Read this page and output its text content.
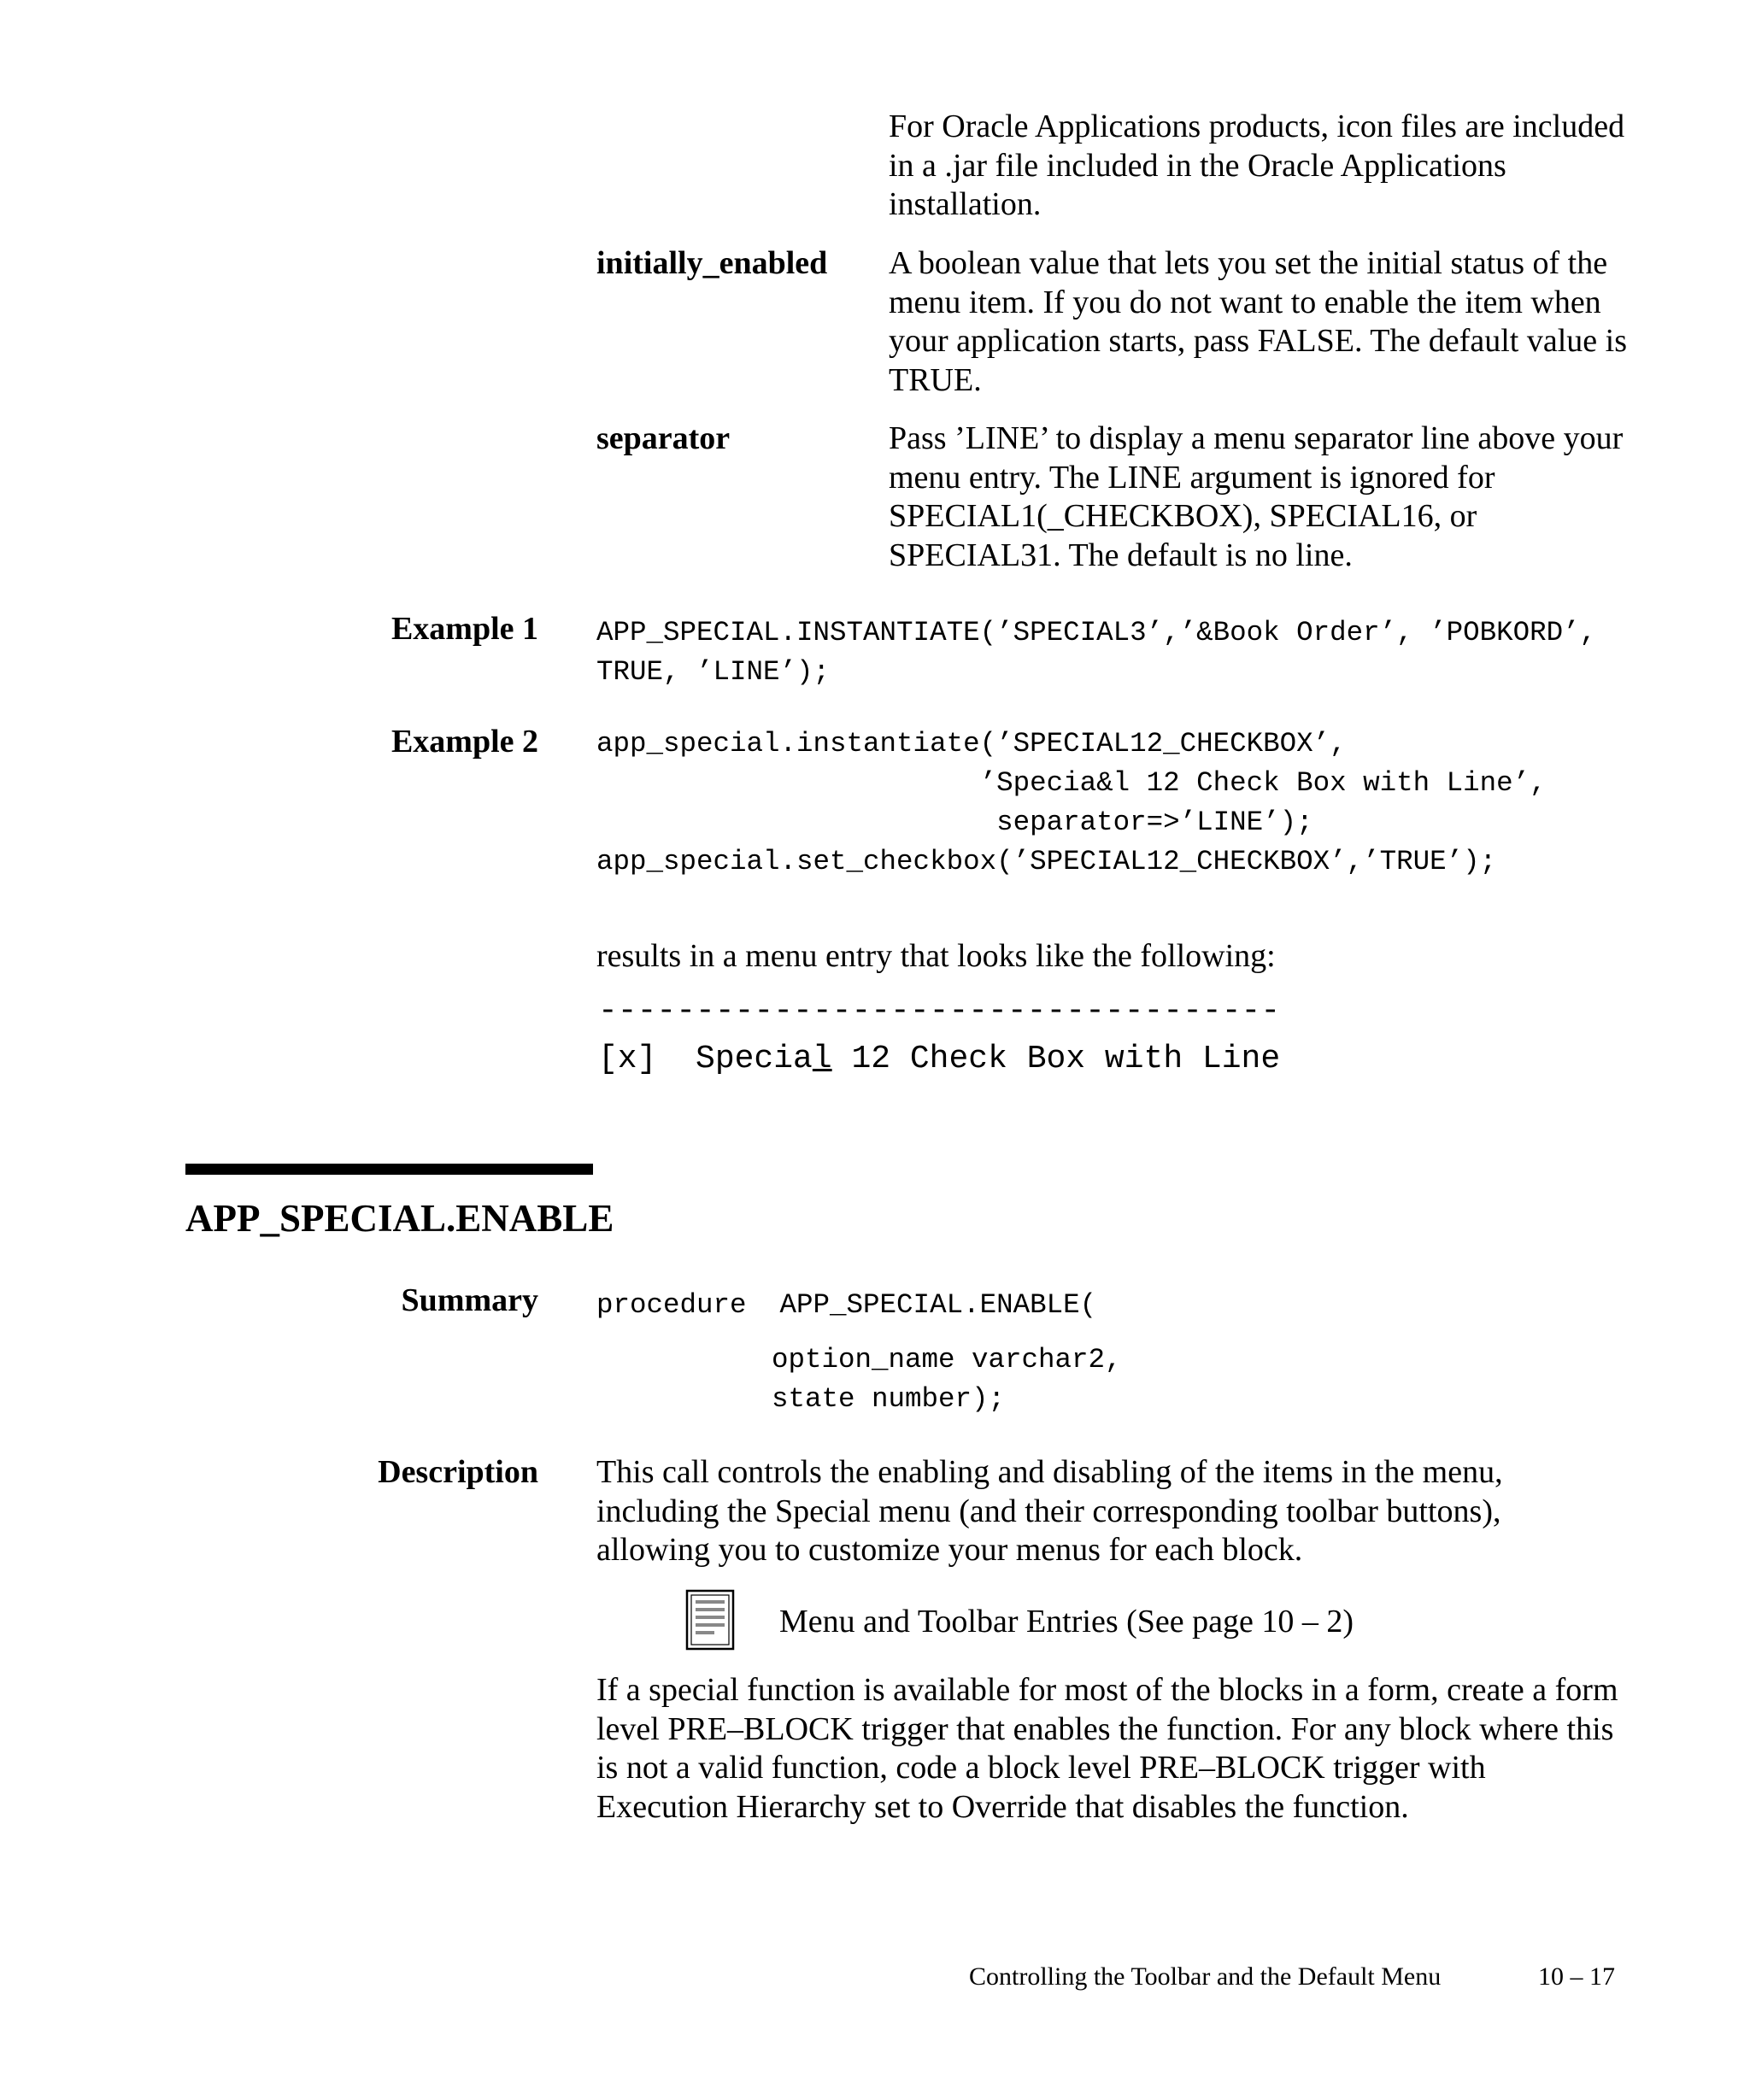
For Oracle Applications products, icon files are included in a .jar file included in the Oracle Applications installation.
initially_enabled A boolean value that lets you set the initial status of the menu item. If you do not want to enable the item when your application starts, pass FALSE. The default value is TRUE.
separator	Pass ’LINE’ to display a menu separator line above your menu entry. The LINE argument is ignored for SPECIAL1(_CHECKBOX), SPECIAL16, or SPECIAL31. The default is no line.
Example 1 APP_SPECIAL.INSTANTIATE(’SPECIAL3’,’&Book Order’, ’POBKORD’,
TRUE, ’LINE’);
Example 2 app_special.instantiate(’SPECIAL12_CHECKBOX’,
’Specia&l 12 Check Box with Line’,
separator=>’LINE’);
app_special.set_checkbox(’SPECIAL12_CHECKBOX’,’TRUE’);
results in a menu entry that looks like the following:
-----------------------------------
[x]  Special 12 Check Box with Line
APP_SPECIAL.ENABLE
Summary procedure  APP_SPECIAL.ENABLE(
option_name varchar2,
state number);
Description This call controls the enabling and disabling of the items in the menu, including the Special menu (and their corresponding toolbar buttons), allowing you to customize your menus for each block.
Menu and Toolbar Entries (See page 10 – 2)
If a special function is available for most of the blocks in a form, create a form level PRE–BLOCK trigger that enables the function. For any block where this is not a valid function, code a block level PRE–BLOCK trigger with Execution Hierarchy set to Override that disables the function.
Controlling the Toolbar and the Default Menu	10 – 17
